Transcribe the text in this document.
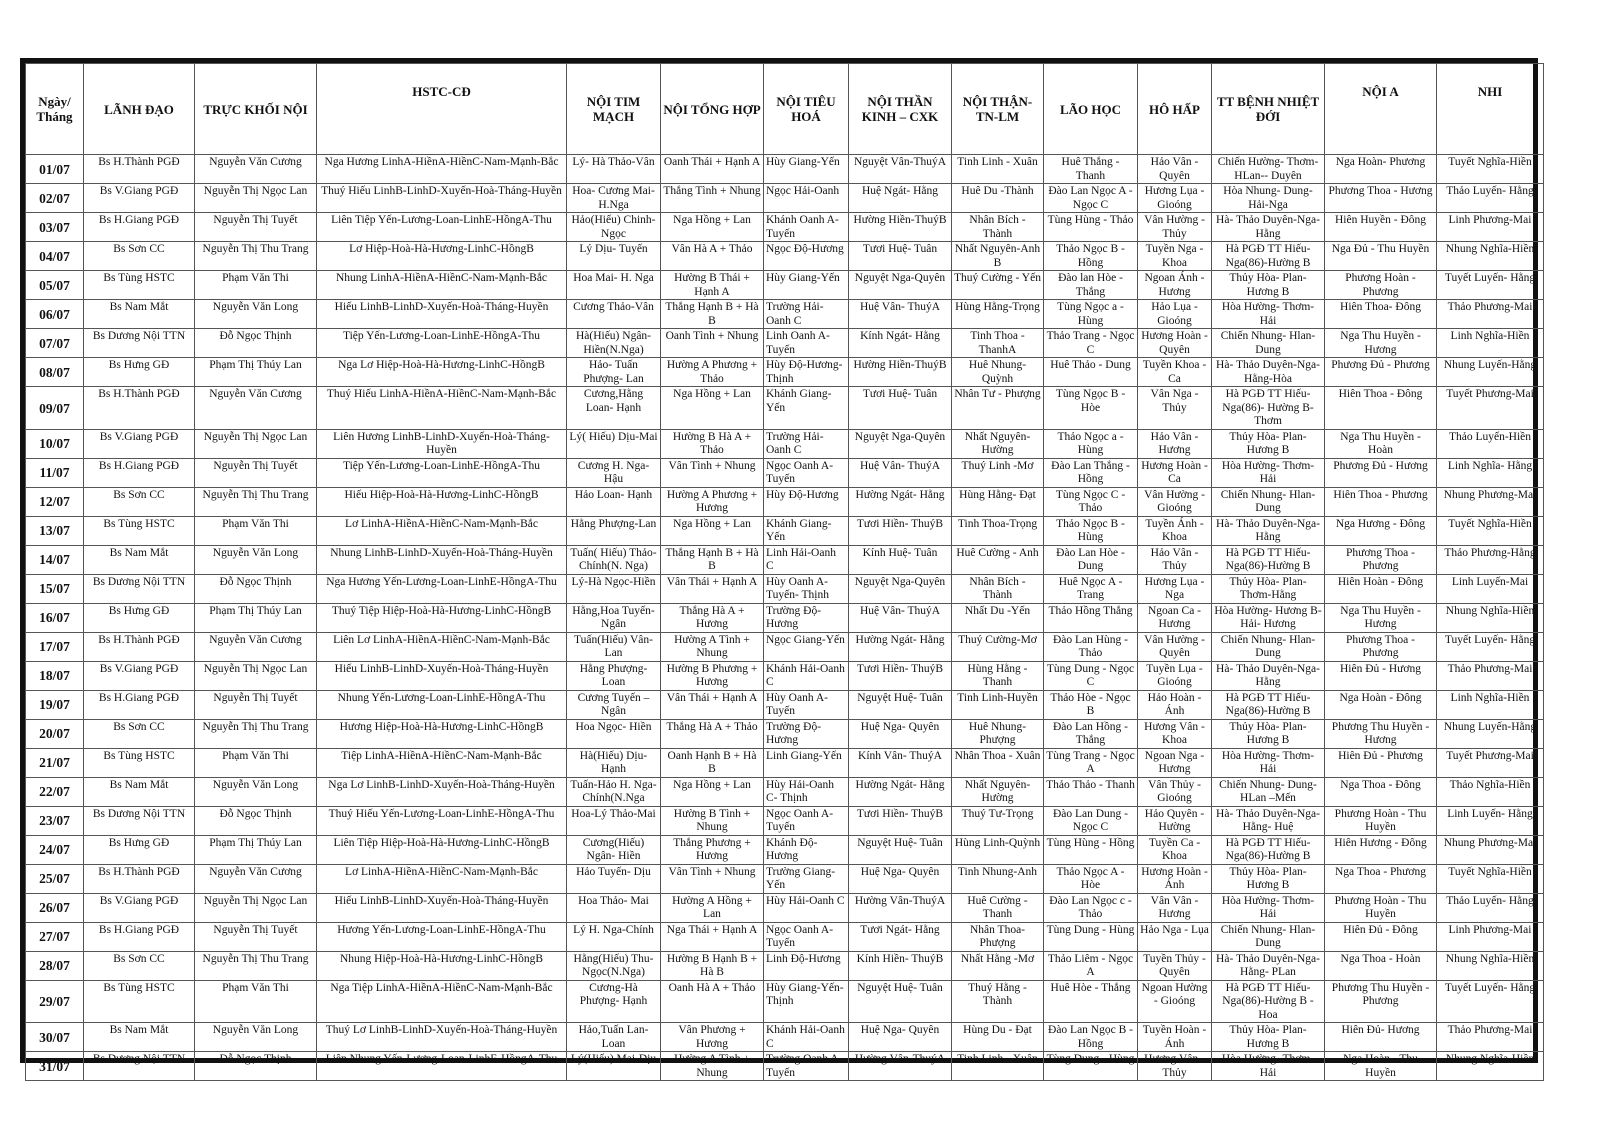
Ngày/ Tháng	LÃNH ĐẠO	TRỰC KHỐI NỘI	HSTC-CĐ	NỘI TIM MẠCH	NỘI TỔNG HỢP	NỘI TIÊU HOÁ	NỘI THẦN KINH – CXK	NỘI THẬN-TN-LM	LÃO HỌC	HÔ HẤP	TT BỆNH NHIỆT ĐỚI	NỘI A	NHI
01/07	Bs H.Thành PGĐ	Nguyễn Văn Cương	Nga Hương LinhA-HiềnA-HiềnC-Nam-Mạnh-Bắc	Lý- Hà Thảo-Vân	Oanh Thái + Hạnh A	Hùy Giang-Yến	Nguyệt Vân-ThuýA	Tinh Linh - Xuân	Huê Thắng - Thanh	Hảo Vân - Quyên	Chiến Hường- Thơm-HLan-- Duyên	Nga Hoàn- Phương	Tuyết Nghĩa-Hiền
02/07	Bs V.Giang PGĐ	Nguyễn Thị Ngọc Lan	Thuý Hiếu LinhB-LinhD-Xuyến-Hoà-Tháng-Huyền	Hoa- Cương Mai-H.Nga	Thắng Tình + Nhung	Ngọc Hải-Oanh	Huệ Ngát- Hằng	Huê Du -Thành	Đào Lan Ngọc A - Ngọc C	Hương Lụa - Gioóng	Hòa Nhung- Dung-Hải-Nga	Phương Thoa - Hương	Thảo Luyến- Hằng
03/07	Bs H.Giang PGĐ	Nguyễn Thị Tuyết	Liên Tiệp Yến-Lương-Loan-LinhE-HồngA-Thu	Hảo(Hiếu) Chinh- Ngọc	Nga Hồng + Lan	Khánh Oanh A-Tuyến	Hường Hiền-ThuýB	Nhân Bích - Thành	Tùng Hùng - Thảo	Vân Hường - Thủy	Hà- Thảo Duyên-Nga- Hằng	Hiên Huyền - Đông	Linh Phương-Mai
04/07	Bs Sơn CC	Nguyễn Thị Thu Trang	Lơ Hiệp-Hoà-Hà-Hương-LinhC-HồngB	Lý Dịu- Tuyến	Vân Hà A + Thảo	Ngọc Độ-Hương	Tươi Huệ- Tuân	Nhất Nguyên-Anh B	Thảo Ngọc B - Hồng	Tuyền Nga - Khoa	Hà PGĐ TT Hiếu-Nga(86)-Hường B	Nga Đủ - Thu Huyền	Nhung Nghĩa-Hiền
05/07	Bs Tùng HSTC	Phạm Văn Thi	Nhung LinhA-HiềnA-HiềnC-Nam-Mạnh-Bắc	Hoa Mai- H. Nga	Hường B Thái + Hạnh A	Hùy Giang-Yến	Nguyệt Nga-Quyên	Thuý Cường - Yến	Đào lan Hòe - Thắng	Ngoan Ánh - Hương	Thủy Hòa- Plan-Hương B	Phương Hoàn - Phương	Tuyết Luyến- Hằng
06/07	Bs Nam Mắt	Nguyễn Văn Long	Hiếu LinhB-LinhD-Xuyến-Hoà-Tháng-Huyền	Cương Thảo-Vân	Thắng Hạnh B + Hà B	Trường Hải-Oanh C	Huệ Vân- ThuýA	Hùng Hằng-Trọng	Tùng Ngọc a - Hùng	Hảo Lụa - Gioóng	Hòa Hường- Thơm-Hải	Hiên Thoa- Đông	Thảo Phương-Mai
07/07	Bs Dương Nội TTN	Đỗ Ngọc Thịnh	Tiệp Yến-Lương-Loan-LinhE-HồngA-Thu	Hà(Hiếu) Ngân-Hiền(N.Nga)	Oanh Tình + Nhung	Linh Oanh A-Tuyến	Kính Ngát- Hằng	Tinh Thoa - ThanhA	Thảo Trang - Ngọc C	Hương Hoàn - Quyên	Chiến Nhung- Hlan-Dung	Nga Thu Huyền - Hương	Linh Nghĩa-Hiền
08/07	Bs Hưng GĐ	Phạm Thị Thúy Lan	Nga Lơ Hiệp-Hoà-Hà-Hương-LinhC-HồngB	Hảo- Tuấn Phượng- Lan	Hường A Phương + Thảo	Hùy Độ-Hương-Thịnh	Hường Hiền-ThuýB	Huê Nhung-Quỳnh	Huê Thảo - Dung	Tuyền Khoa - Ca	Hà- Thảo Duyên-Nga- Hằng-Hòa	Phương Đủ - Phương	Nhung Luyến-Hằng
09/07	Bs H.Thành PGĐ	Nguyễn Văn Cương	Thuý Hiếu LinhA-HiềnA-HiềnC-Nam-Mạnh-Bắc	Cương,Hằng Loan- Hạnh	Nga Hồng + Lan	Khánh Giang-Yến	Tươi Huệ- Tuân	Nhân Tư - Phượng	Tùng Ngọc B - Hòe	Vân Nga - Thủy	Hà PGĐ TT Hiếu-Nga(86)- Hường B-Thơm	Hiên Thoa - Đông	Tuyết Phương-Mai
10/07	Bs V.Giang PGĐ	Nguyễn Thị Ngọc Lan	Liên Hương LinhB-LinhD-Xuyến-Hoà-Tháng-Huyền	Lý( Hiếu) Dịu-Mai	Hường B Hà A + Thảo	Trường Hải-Oanh C	Nguyệt Nga-Quyên	Nhất Nguyên-Hường	Thảo Ngọc a - Hùng	Hảo Vân - Hương	Thủy Hòa- Plan-Hương B	Nga Thu Huyền - Hoàn	Thảo Luyến-Hiền
11/07	Bs H.Giang PGĐ	Nguyễn Thị Tuyết	Tiệp Yến-Lương-Loan-LinhE-HồngA-Thu	Cương H. Nga-Hậu	Vân Tình + Nhung	Ngọc Oanh A-Tuyến	Huệ Vân- ThuýA	Thuý Linh -Mơ	Đào Lan Thắng - Hồng	Hương Hoàn - Ca	Hòa Hường- Thơm-Hải	Phương Đủ - Hương	Linh Nghĩa- Hằng
12/07	Bs Sơn CC	Nguyễn Thị Thu Trang	Hiếu Hiệp-Hoà-Hà-Hương-LinhC-HồngB	Hảo Loan- Hạnh	Hường A Phương + Hương	Hùy Độ-Hương	Hường Ngát- Hằng	Hùng Hằng- Đạt	Tùng Ngọc C - Thảo	Vân Hường - Gioóng	Chiến Nhung- Hlan-Dung	Hiên Thoa - Phương	Nhung Phương-Mai
13/07	Bs Tùng HSTC	Phạm Văn Thi	Lơ LinhA-HiềnA-HiềnC-Nam-Mạnh-Bắc	Hằng Phượng-Lan	Nga Hồng + Lan	Khánh Giang-Yến	Tươi Hiền- ThuýB	Tinh Thoa-Trọng	Thảo Ngọc B - Hùng	Tuyền Ánh - Khoa	Hà- Thảo Duyên-Nga- Hằng	Nga Hương - Đông	Tuyết Nghĩa-Hiền
14/07	Bs Nam Mắt	Nguyễn Văn Long	Nhung LinhB-LinhD-Xuyến-Hoà-Tháng-Huyền	Tuấn( Hiếu) Thảo- Chính(N. Nga)	Thắng Hạnh B + Hà B	Linh Hải-Oanh C	Kính Huệ- Tuân	Huê Cường - Anh	Đào Lan Hòe - Dung	Hảo Vân - Thủy	Hà PGĐ TT Hiếu-Nga(86)-Hường B	Phương Thoa - Phương	Thảo Phương-Hằng
15/07	Bs Dương Nội TTN	Đỗ Ngọc Thịnh	Nga Hương Yến-Lương-Loan-LinhE-HồngA-Thu	Lý-Hà Ngọc-Hiền	Vân Thái + Hạnh A	Hùy Oanh A-Tuyến- Thịnh	Nguyệt Nga-Quyên	Nhân Bích - Thành	Huê Ngọc A - Trang	Hương Lụa - Nga	Thủy Hòa- Plan-Thơm-Hằng	Hiên Hoàn - Đông	Linh Luyến-Mai
16/07	Bs Hưng GĐ	Phạm Thị Thúy Lan	Thuý Tiệp Hiệp-Hoà-Hà-Hương-LinhC-HồngB	Hằng,Hoa Tuyến-Ngân	Thắng Hà A + Hương	Trường Độ-Hương	Huệ Vân- ThuýA	Nhất Du -Yến	Thảo Hồng Thắng	Ngoan Ca - Hương	Hòa Hường- Hương B- Hải- Hương	Nga Thu Huyền - Hương	Nhung Nghĩa-Hiền
17/07	Bs H.Thành PGĐ	Nguyễn Văn Cương	Liên Lơ LinhA-HiềnA-HiềnC-Nam-Mạnh-Bắc	Tuấn(Hiếu) Vân-Lan	Hường A Tình + Nhung	Ngọc Giang-Yến	Hường Ngát- Hằng	Thuý Cường-Mơ	Đào Lan Hùng - Thảo	Vân Hường - Quyên	Chiến Nhung- Hlan-Dung	Phương Thoa - Phương	Tuyết Luyến- Hằng
18/07	Bs V.Giang PGĐ	Nguyễn Thị Ngọc Lan	Hiếu LinhB-LinhD-Xuyến-Hoà-Tháng-Huyền	Hằng Phượng-Loan	Hường B Phương + Hương	Khánh Hải-Oanh C	Tươi Hiền- ThuýB	Hùng Hằng - Thanh	Tùng Dung - Ngọc C	Tuyền Lụa - Gioóng	Hà- Thảo Duyên-Nga- Hằng	Hiên Đủ - Hương	Thảo Phương-Mai
19/07	Bs H.Giang PGĐ	Nguyễn Thị Tuyết	Nhung Yến-Lương-Loan-LinhE-HồngA-Thu	Cương Tuyến – Ngân	Vân Thái + Hạnh A	Hùy Oanh A-Tuyến	Nguyệt Huệ- Tuân	Tinh Linh-Huyền	Thảo Hòe - Ngọc B	Hảo Hoàn - Ánh	Hà PGĐ TT Hiếu-Nga(86)-Hường B	Nga Hoàn - Đông	Linh Nghĩa-Hiền
20/07	Bs Sơn CC	Nguyễn Thị Thu Trang	Hương Hiệp-Hoà-Hà-Hương-LinhC-HồngB	Hoa Ngọc- Hiền	Thắng Hà A + Thảo	Trường Độ-Hương	Huệ Nga- Quyên	Huê Nhung-Phượng	Đào Lan Hồng - Thắng	Hương Vân - Khoa	Thủy Hòa- Plan-Hương B	Phương Thu Huyền - Hương	Nhung Luyến-Hằng
21/07	Bs Tùng HSTC	Phạm Văn Thi	Tiệp LinhA-HiềnA-HiềnC-Nam-Mạnh-Bắc	Hà(Hiếu) Dịu-Hạnh	Oanh Hạnh B + Hà B	Linh Giang-Yến	Kính Vân- ThuýA	Nhân Thoa - Xuân	Tùng Trang - Ngọc A	Ngoan Nga - Hương	Hòa Hường- Thơm-Hải	Hiên Đủ - Phương	Tuyết Phương-Mai
22/07	Bs Nam Mắt	Nguyễn Văn Long	Nga Lơ LinhB-LinhD-Xuyến-Hoà-Tháng-Huyền	Tuấn-Hảo H. Nga-Chính(N.Nga	Nga Hồng + Lan	Hùy Hải-Oanh C- Thịnh	Hường Ngát- Hằng	Nhất Nguyên-Hường	Thảo Thảo - Thanh	Vân Thủy - Gioóng	Chiến Nhung- Dung-HLan –Mến	Nga Thoa - Đông	Thảo Nghĩa-Hiền
23/07	Bs Dương Nội TTN	Đỗ Ngọc Thịnh	Thuý Hiếu Yến-Lương-Loan-LinhE-HồngA-Thu	Hoa-Lý Thảo-Mai	Hường B Tình + Nhung	Ngọc Oanh A-Tuyến	Tươi Hiền- ThuýB	Thuý Tư-Trọng	Đào Lan Dung - Ngọc C	Hảo Quyên - Hường	Hà- Thảo Duyên-Nga- Hằng- Huệ	Phương Hoàn - Thu Huyền	Linh Luyến- Hằng
24/07	Bs Hưng GĐ	Phạm Thị Thúy Lan	Liên Tiệp Hiệp-Hoà-Hà-Hương-LinhC-HồngB	Cương(Hiếu) Ngân- Hiền	Thắng Phương + Hương	Khánh Độ-Hương	Nguyệt Huệ- Tuân	Hùng Linh-Quỳnh	Tùng Hùng - Hồng	Tuyền Ca - Khoa	Hà PGĐ TT Hiếu-Nga(86)-Hường B	Hiên Hương - Đông	Nhung Phương-Mai
25/07	Bs H.Thành PGĐ	Nguyễn Văn Cương	Lơ LinhA-HiềnA-HiềnC-Nam-Mạnh-Bắc	Hảo Tuyến- Dịu	Vân Tình + Nhung	Trường Giang-Yến	Huệ Nga- Quyên	Tinh Nhung-Anh	Thảo Ngọc A - Hòe	Hương Hoàn - Ánh	Thủy Hòa- Plan-Hương B	Nga Thoa - Phương	Tuyết Nghĩa-Hiền
26/07	Bs V.Giang PGĐ	Nguyễn Thị Ngọc Lan	Hiếu LinhB-LinhD-Xuyến-Hoà-Tháng-Huyền	Hoa Thảo- Mai	Hường A Hồng + Lan	Hùy Hải-Oanh C	Hường Vân-ThuýA	Huê Cường - Thanh	Đào Lan Ngọc c - Thảo	Vân Vân - Hương	Hòa Hường- Thơm-Hải	Phương Hoàn - Thu Huyền	Thảo Luyến- Hằng
27/07	Bs H.Giang PGĐ	Nguyễn Thị Tuyết	Hương Yến-Lương-Loan-LinhE-HồngA-Thu	Lý H. Nga-Chính	Nga Thái + Hạnh A	Ngọc Oanh A-Tuyến	Tươi Ngát- Hằng	Nhân Thoa-Phượng	Tùng Dung - Hùng	Hảo Nga - Lụa	Chiến Nhung- Hlan-Dung	Hiên Đủ - Đông	Linh Phương-Mai
28/07	Bs Sơn CC	Nguyễn Thị Thu Trang	Nhung Hiệp-Hoà-Hà-Hương-LinhC-HồngB	Hằng(Hiếu) Thu-Ngọc(N.Nga)	Hường B Hạnh B + Hà B	Linh Độ-Hương	Kính Hiền- ThuýB	Nhất Hằng -Mơ	Thảo Liêm - Ngọc A	Tuyền Thủy - Quyên	Hà- Thảo Duyên-Nga- Hằng- PLan	Nga Thoa - Hoàn	Nhung Nghĩa-Hiền
29/07	Bs Tùng HSTC	Phạm Văn Thi	Nga Tiệp LinhA-HiềnA-HiềnC-Nam-Mạnh-Bắc	Cương-Hà Phượng- Hạnh	Oanh Hà A + Thảo	Hùy Giang-Yến- Thịnh	Nguyệt Huệ- Tuân	Thuý Hằng - Thành	Huê Hòe - Thắng	Ngoan Hường - Gioóng	Hà PGĐ TT Hiếu-Nga(86)-Hường B - Hoa	Phương Thu Huyền - Phương	Tuyết Luyến- Hằng
30/07	Bs Nam Mắt	Nguyễn Văn Long	Thuý Lơ LinhB-LinhD-Xuyến-Hoà-Tháng-Huyền	Hảo,Tuấn Lan-Loan	Vân Phương + Hương	Khánh Hải-Oanh C	Huệ Nga- Quyên	Hùng Du - Đạt	Đào Lan Ngọc B - Hồng	Tuyền Hoàn - Ánh	Thủy Hòa- Plan-Hương B	Hiên Đủ- Hương	Thảo Phương-Mai
31/07	Bs Dương Nội TTN	Đỗ Ngọc Thịnh	Liên Nhung Yến-Lương-Loan-LinhE-HồngA-Thu	Lý(Hiếu) Mai-Dịu	Hường A Tình + Nhung	Trường Oanh A-Tuyến	Hường Vân-ThuýA	Tinh Linh - Xuân	Tùng Dung - Hùng	Hương Vân - Thủy	Hòa Hường- Thơm-Hải	Nga Hoàn - Thu Huyền	Nhung Nghĩa-Hiền
